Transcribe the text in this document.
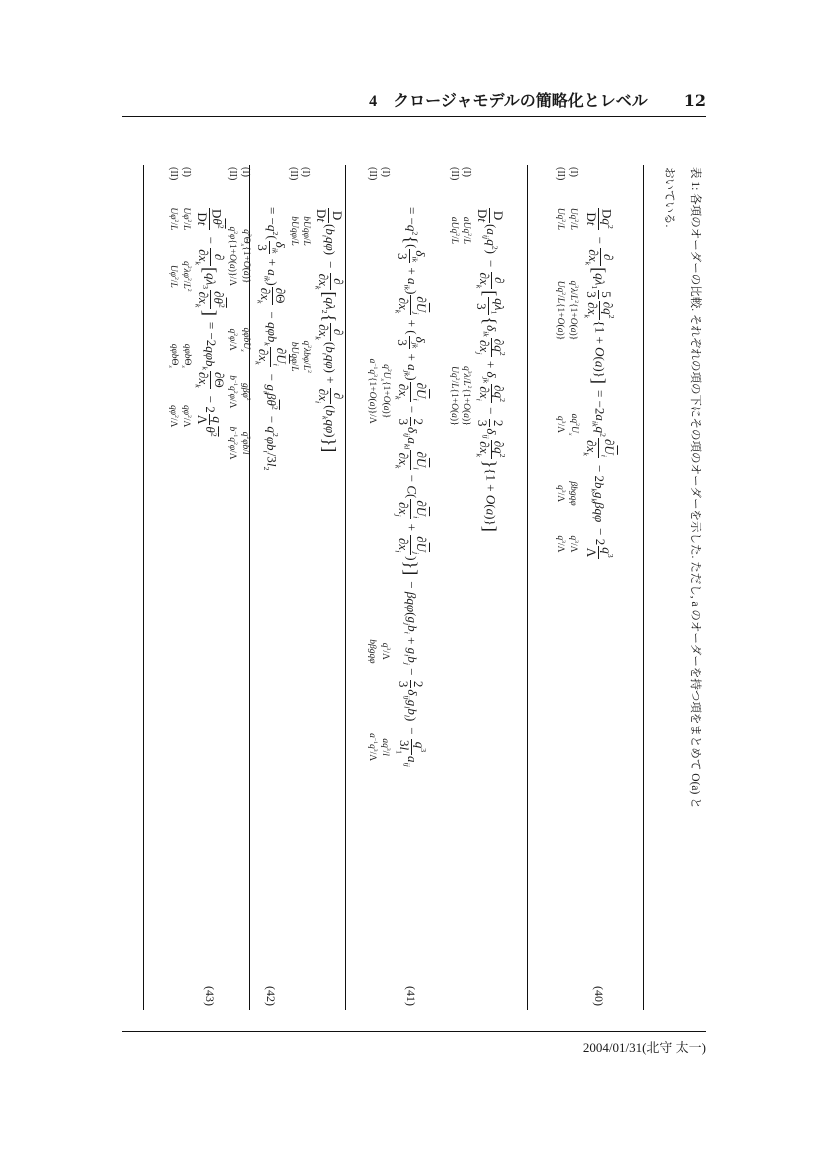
4　クロージャモデルの簡略化とレベル 12
表 1: 各項のオーダーの比較. それぞれの項の下にその項のオーダーを示した. ただし, a のオーダーを持つ項をまとめて O(a) と
おいている.
Dq$^2$
Dt
−
∂
$\partial x_k$
[$q\lambda_1$
5
3
$\partial q^2$
$\partial x_k$
{1 + O(a)}]
= $-2a_{ik}q^2$
$\partial\overline{U}_i$
$\partial x_k$
− $2b_kg_k\beta q\varphi$
− 2
$q^3$
Λ
(40)
(I)
Uq$^2$/L
$q^3\lambda/L^2\{1+O(a)\}$
$aq^2U_x$
βbgqφ
$q^3/\Lambda$
(II)
Uq$^2$/L
$Uq^2/L\{1+O(a)\}$
$q^3/\Lambda$
$q^3/\Lambda$
$q^3/\Lambda$
D
Dt
$(a_{ij}q^2)$
−
∂
$\partial x_k$
[
$q\lambda_1$
3
{$\delta_{ik}$
$\partial q^2$
$\partial x_j$
+ $\delta_{jk}$
$\partial q^2$
$\partial x_i$
−
2
3
$\delta_{ij}$
$\partial q^2$
$\partial x_k$
}{1 + O(a)}]
(I)
aUq$^2$/L
$q^3\lambda/L^2\{1+O(a)\}$
(II)
aUq$^2$/L
$Uq^2/L\{1+O(a)\}$
= $-q^2${(
$\delta_{ik}$
3
+ $a_{ik}$)
$\partial\overline{U}_j$
$\partial x_k$
+ (
$\delta_{jk}$
3
+ $a_{jk}$)
$\partial\overline{U}_i$
$\partial x_k$
−
2
3
$\delta_{ij}a_{kl}$
$\partial\overline{U}_l$
$\partial x_k$
− C(
$\partial\overline{U}_i$
$\partial x_j$
+
$\partial\overline{U}_j$
$\partial x_i$
)}]
− $\beta q\varphi(g_jb_i + g_ib_j$ −
2
3
$\delta_{ij}g_lb_l$)
−
$q^3$
$3l_1$
$a_{ij}$
(41)
(I)
$q^2U_x\{1+O(a)\}$
$q^3/\Lambda$
$aq^3/l$
(II)
$a^{-1}q^3\{1+O(a)\}/\Lambda$
bβgqφ
$a^{-1}q^3/\Lambda$
D
Dt
$(b_iq\varphi)$
−
∂
$\partial x_k$
[$q\lambda_2${
∂
$\partial x_k$
$(b_iq\varphi)$ +
∂
$\partial x_i$
$(b_kq\varphi)$}]
(I)
bUqφ/L
$q^2\lambda b\varphi/L^2$
(II)
bUqφ/L
bUqφ/L
= $-q^2$(
$\delta_{ik}$
3
+ $a_{ik}$)
∂Θ
$\partial x_k$
− qφb$_k$
$\partial\overline{U}_i$
$\partial x_k$
− $g_i\beta\theta^2$
− $q^2\varphi b_i/3l_2$
(42)
(I)
$q^2\Theta_x\{1+O(a)\}$
qφbU$_x$
gβφ$^2$
$q^2\varphi b/l$
(II)
$q^2\varphi\{1+O(a)\}/\Lambda$
$q^2\varphi/\Lambda$
$b^{-1}q^2\varphi/\Lambda$
$b^{-1}q^2\varphi/\Lambda$
$D\theta^2$
Dt
−
∂
$\partial x_k$
[$q\lambda_3$
$\partial\theta^2$
$\partial x_k$
]
= −2qφb$_k$
∂Θ
$\partial x_k$
− 2
q
Λ
$\theta^2$
(43)
(I)
$U\varphi^2/L$
$q^2\lambda\varphi^2/L^2$
qφbΘ$_x$
$q\varphi^2/\Lambda$
(II)
$U\varphi^2/L$
$U\varphi^2/L$
qφbΘ$_x$
$q\varphi^2/\Lambda$
2004/01/31(北守 太一)
